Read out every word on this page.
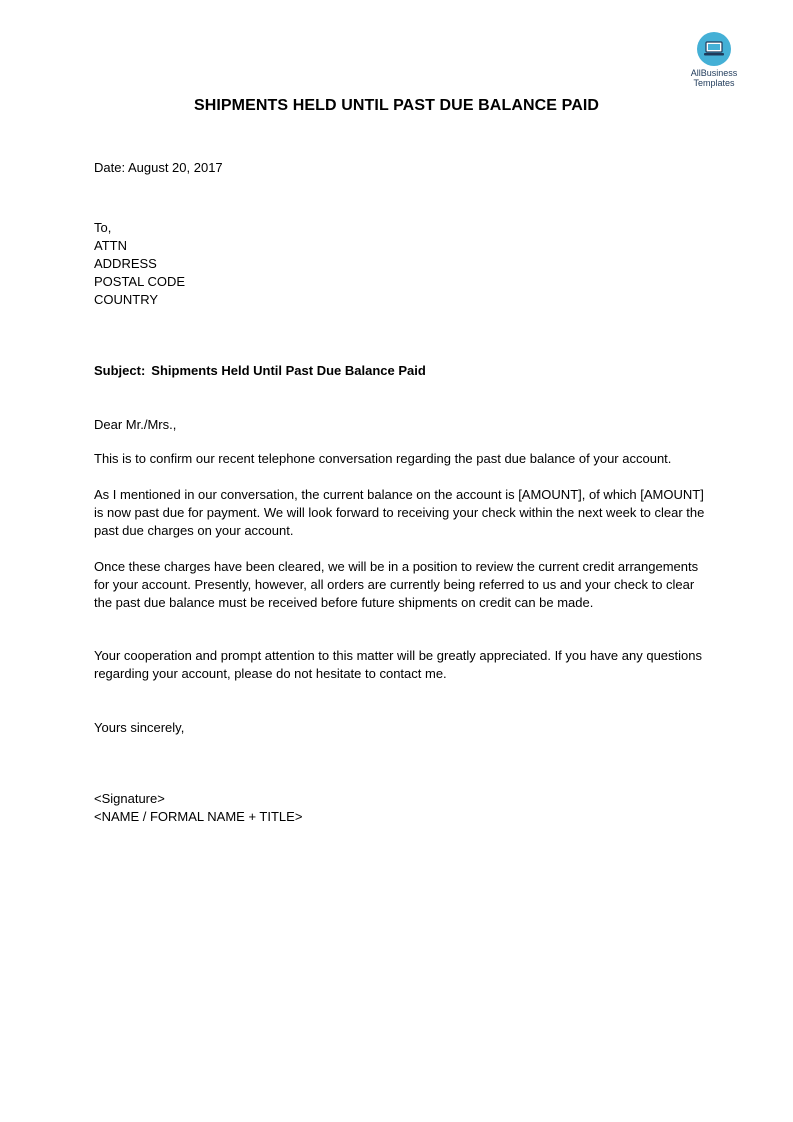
AllBusiness
Templates
SHIPMENTS HELD UNTIL PAST DUE BALANCE PAID

Date: August 20, 2017

To,

ATTN

ADDRESS

POSTAL CODE

COUNTRY

Subject: Shipments Held Until Past Due Balance Paid

Dear Mr./Mrs.,

This is to confirm our recent telephone conversation regarding the past due balance of your account.

As I mentioned in our conversation, the current balance on the account is [AMOUNT], of which [AMOUNT] is now past due for payment. We will look forward to receiving your check within the next week to clear the past due charges on your account.

Once these charges have been cleared, we will be in a position to review the current credit arrangements for your account. Presently, however, all orders are currently being referred to us and your check to clear the past due balance must be received before future shipments on credit can be made.

Your cooperation and prompt attention to this matter will be greatly appreciated. If you have any questions regarding your account, please do not hesitate to contact me.

Yours sincerely,

<Signature>

<NAME / FORMAL NAME + TITLE>
